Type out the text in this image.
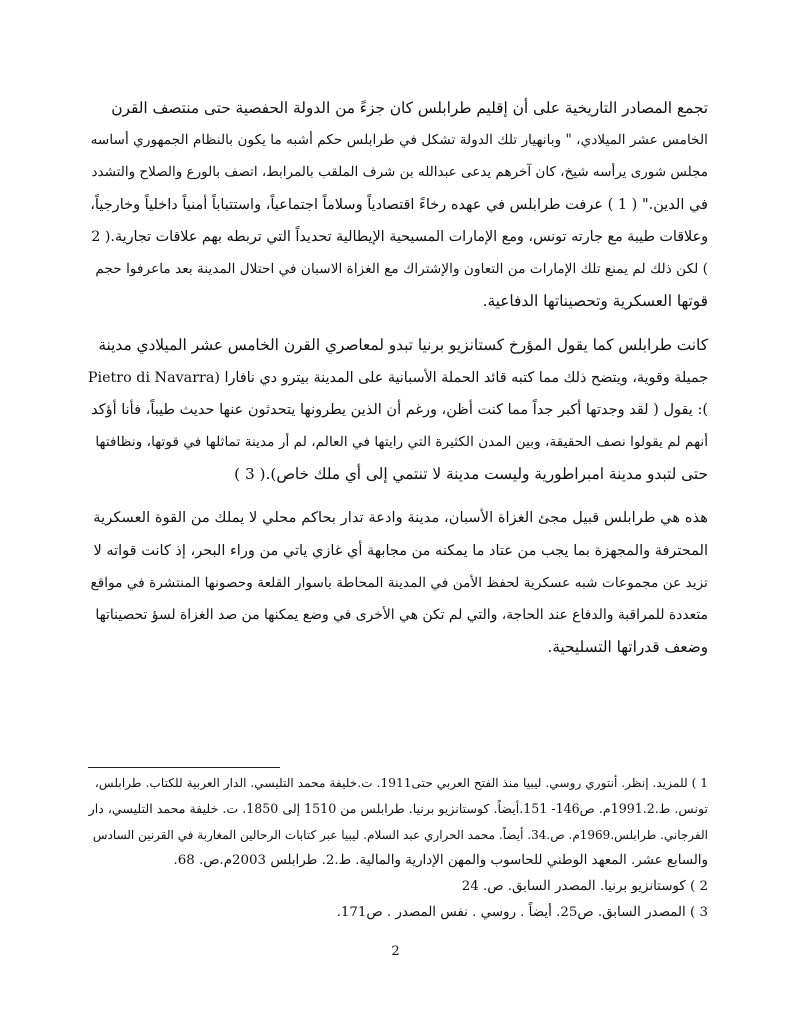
تجمع المصادر التاريخية على أن إقليم طرابلس كان جزءً من الدولة الحفصية حتى منتصف القرن
الخامس عشر الميلادي، " وبانهيار تلك الدولة تشكل في طرابلس حكم أشبه ما يكون بالنظام الجمهوري أساسه
مجلس شورى يرأسه شيخ، كان آخرهم يدعى عبدالله بن شرف الملقب بالمرابط، اتصف بالورع والصلاح والتشدد
في الدين." ( 1 ) عرفت طرابلس في عهده رخاءً اقتصادياً وسلاماً اجتماعياً، واستتباباً أمنياً داخلياً وخارجياً،
وعلاقات طيبة مع جارته تونس، ومع الإمارات المسيحية الإيطالية تحديداً التي تربطه بهم علاقات تجارية.( 2
) لكن ذلك لم يمنع تلك الإمارات من التعاون والإشتراك مع الغزاة الاسبان في احتلال المدينة بعد ماعرفوا حجم
قوتها العسكرية وتحصيناتها الدفاعية.

كانت طرابلس كما يقول المؤرخ كستانزيو برنيا تبدو لمعاصري القرن الخامس عشر الميلادي مدينة
جميلة وقوية، ويتضح ذلك مما كتبه قائد الحملة الأسبانية على المدينة بيترو دي نافارا (Pietro di Navarra
): يقول ( لقد وجدتها أكبر جداً مما كنت أظن، ورغم أن الذين يطرونها يتحدثون عنها حديث طيباً، فأنا أؤكد
أنهم لم يقولوا نصف الحقيقة، وبين المدن الكثيرة التي رايتها في العالم، لم أر مدينة تماثلها في قوتها، ونظافتها
حتى لتبدو مدينة امبراطورية وليست مدينة لا تنتمي إلى أي ملك خاص).( 3 )

هذه هي طرابلس قبيل مجئ الغزاة الأسبان، مدينة وادعة تدار بحاكم محلي لا يملك من القوة العسكرية
المحترفة والمجهزة بما يجب من عتاد ما يمكنه من مجابهة أي غازي ياتي من وراء البحر، إذ كانت قواته لا
تزيد عن مجموعات شبه عسكرية لحفظ الأمن في المدينة المحاطة باسوار القلعة وحصونها المنتشرة في مواقع
متعددة للمراقبة والدفاع عند الحاجة، والتي لم تكن هي الأخرى في وضع يمكنها من صد الغزاة لسؤ تحصيناتها
وضعف قدراتها التسليحية.

1 ) للمزيد. إنظر. أنتوري روسي. ليبيا منذ الفتح العربي حتى1911. ت.خليفة محمد التليسي. الدار العربية للكتاب. طرابلس،
تونس. ط.1991.2م. ص146- 151.أيضاً. كوستانزيو برنيا. طرابلس من 1510 إلى 1850. ت. خليفة محمد التليسي، دار
الفرجاني. طرابلس.1969م. ص.34. أيضاً. محمد الحراري عبد السلام. ليبيا عبر كتابات الرحالين المغاربة في القرنين السادس
والسابع عشر. المعهد الوطني للحاسوب والمهن الإدارية والمالية. ط.2. طرابلس 2003م.ص. 68.
2 ) كوستانزيو برنيا. المصدر السابق. ص. 24
3 ) المصدر السابق. ص25. أيضاً . روسي . نفس المصدر . ص171.
2
